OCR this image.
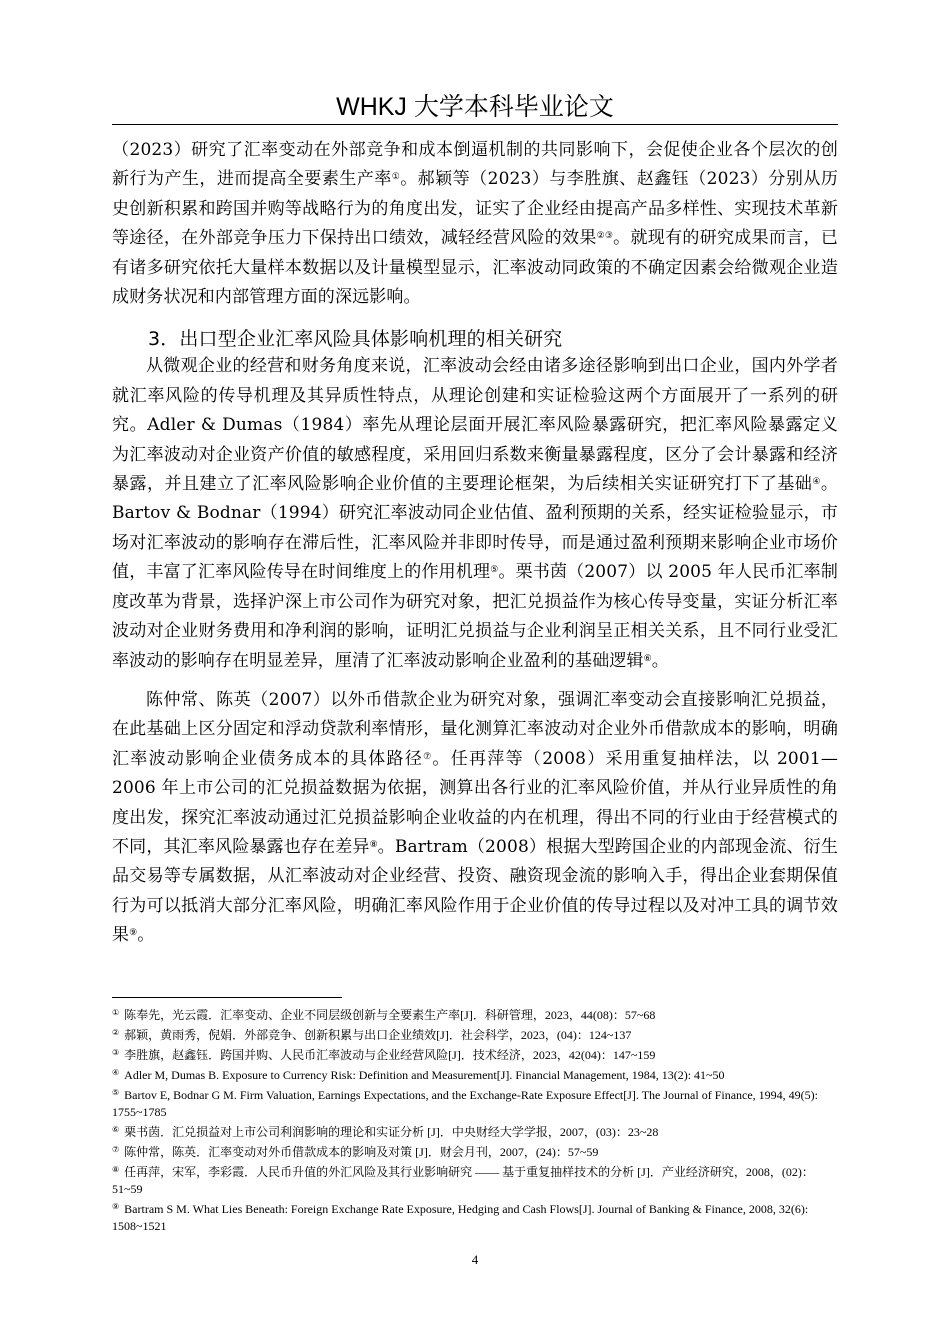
WHKJ 大学本科毕业论文

（2023）研究了汇率变动在外部竞争和成本倒逼机制的共同影响下，会促使企业各个层次的创新行为产生，进而提高全要素生产率①。郝颖等（2023）与李胜旗、赵鑫钰（2023）分别从历史创新积累和跨国并购等战略行为的角度出发，证实了企业经由提高产品多样性、实现技术革新等途径，在外部竞争压力下保持出口绩效，减轻经营风险的效果②③。就现有的研究成果而言，已有诸多研究依托大量样本数据以及计量模型显示，汇率波动同政策的不确定因素会给微观企业造成财务状况和内部管理方面的深远影响。

3．出口型企业汇率风险具体影响机理的相关研究

从微观企业的经营和财务角度来说，汇率波动会经由诸多途径影响到出口企业，国内外学者就汇率风险的传导机理及其异质性特点，从理论创建和实证检验这两个方面展开了一系列的研究。Adler & Dumas（1984）率先从理论层面开展汇率风险暴露研究，把汇率风险暴露定义为汇率波动对企业资产价值的敏感程度，采用回归系数来衡量暴露程度，区分了会计暴露和经济暴露，并且建立了汇率风险影响企业价值的主要理论框架，为后续相关实证研究打下了基础④。Bartov & Bodnar（1994）研究汇率波动同企业估值、盈利预期的关系，经实证检验显示，市场对汇率波动的影响存在滞后性，汇率风险并非即时传导，而是通过盈利预期来影响企业市场价值，丰富了汇率风险传导在时间维度上的作用机理⑤。栗书茵（2007）以 2005 年人民币汇率制度改革为背景，选择沪深上市公司作为研究对象，把汇兑损益作为核心传导变量，实证分析汇率波动对企业财务费用和净利润的影响，证明汇兑损益与企业利润呈正相关关系，且不同行业受汇率波动的影响存在明显差异，厘清了汇率波动影响企业盈利的基础逻辑⑥。

陈仲常、陈英（2007）以外币借款企业为研究对象，强调汇率变动会直接影响汇兑损益，在此基础上区分固定和浮动贷款利率情形，量化测算汇率波动对企业外币借款成本的影响，明确汇率波动影响企业债务成本的具体路径⑦。任再萍等（2008）采用重复抽样法，以 2001—2006 年上市公司的汇兑损益数据为依据，测算出各行业的汇率风险价值，并从行业异质性的角度出发，探究汇率波动通过汇兑损益影响企业收益的内在机理，得出不同的行业由于经营模式的不同，其汇率风险暴露也存在差异⑧。Bartram（2008）根据大型跨国企业的内部现金流、衍生品交易等专属数据，从汇率波动对企业经营、投资、融资现金流的影响入手，得出企业套期保值行为可以抵消大部分汇率风险，明确汇率风险作用于企业价值的传导过程以及对冲工具的调节效果⑨。

① 陈奉先，光云霞．汇率变动、企业不同层级创新与全要素生产率[J]．科研管理，2023，44(08)：57~68

② 郝颖，黄雨秀，倪娟．外部竞争、创新积累与出口企业绩效[J]．社会科学，2023，(04)：124~137

③ 李胜旗，赵鑫钰．跨国并购、人民币汇率波动与企业经营风险[J]．技术经济，2023，42(04)：147~159

④ Adler M, Dumas B. Exposure to Currency Risk: Definition and Measurement[J]. Financial Management, 1984, 13(2): 41~50

⑤ Bartov E, Bodnar G M. Firm Valuation, Earnings Expectations, and the Exchange-Rate Exposure Effect[J]. The Journal of Finance, 1994, 49(5): 1755~1785

⑥ 栗书茵．汇兑损益对上市公司利润影响的理论和实证分析 [J]．中央财经大学学报，2007，(03)：23~28

⑦ 陈仲常，陈英．汇率变动对外币借款成本的影响及对策 [J]．财会月刊，2007，(24)：57~59

⑧ 任再萍，宋军，李彩霞．人民币升值的外汇风险及其行业影响研究 —— 基于重复抽样技术的分析 [J]．产业经济研究，2008，(02)：51~59

⑨ Bartram S M. What Lies Beneath: Foreign Exchange Rate Exposure, Hedging and Cash Flows[J]. Journal of Banking & Finance, 2008, 32(6): 1508~1521

4
